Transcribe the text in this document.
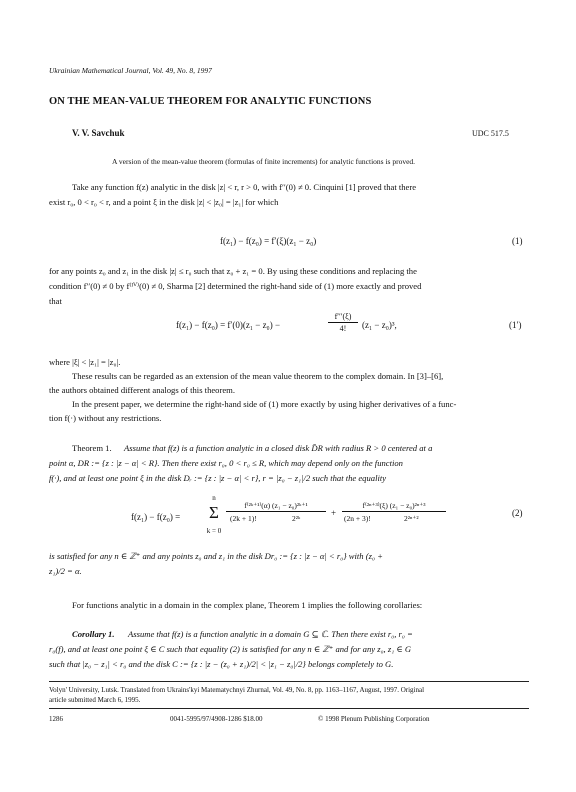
Ukrainian Mathematical Journal, Vol. 49, No. 8, 1997
ON THE MEAN-VALUE THEOREM FOR ANALYTIC FUNCTIONS
V. V. Savchuk	UDC 517.5
A version of the mean-value theorem (formulas of finite increments) for analytic functions is proved.
Take any function f(z) analytic in the disk |z| < r, r > 0, with f′′(0) ≠ 0. Cinquini [1] proved that there
exist r₀, 0 < r₀ < r, and a point ξ in the disk |z| < |z₀| = |z₁| for which
f(z₁) − f(z₀) = f′(ξ)(z₁ − z₀)	(1)
for any points z₀ and z₁ in the disk |z| ≤ r₀ such that z₀ + z₁ = 0. By using these conditions and replacing the
condition f′′(0) ≠ 0 by f⁽ᴵⱽ⁾(0) ≠ 0, Sharma [2] determined the right-hand side of (1) more exactly and proved
that
f(z₁) − f(z₀) = f′(0)(z₁ − z₀) −
f′′′(ξ)
4!	(z₁ − z₀)³,	(1′)
where |ξ| < |z₁| = |z₀|.
These results can be regarded as an extension of the mean value theorem to the complex domain. In [3]–[6],
the authors obtained different analogs of this theorem.
In the present paper, we determine the right-hand side of (1) more exactly by using higher derivatives of a func-
tion f(·) without any restrictions.
Theorem 1. Assume that f(z) is a function analytic in a closed disk D̄R with radius R > 0 centered at a
point α, DR := {z : |z − α| < R}. Then there exist r₀, 0 < r₀ ≤ R, which may depend only on the function
f(·), and at least one point ξ in the disk Dᵣ := {z : |z − α| < r}, r = |z₀ − z₁|/2 such that the equality
f(z₁) − f(z₀) =
n
Σ
k = 0
f⁽²ᵏ⁺¹⁾(α) (z₁ − z₀)²ᵏ⁺¹
(2k + 1)!	2²ᵏ
+
f⁽²ⁿ⁺³⁾(ξ) (z₁ − z₀)²ⁿ⁺³
(2n + 3)!	2²ⁿ⁺²
(2)
is satisfied for any n ∈ ℤ⁺ and any points z₀ and z₁ in the disk Dr₀ := {z : |z − α| < r₀} with (z₀ +
z₁)/2 = α.
For functions analytic in a domain in the complex plane, Theorem 1 implies the following corollaries:
Corollary 1. Assume that f(z) is a function analytic in a domain G ⊆ ℂ. Then there exist r₀, r₀ =
r₀(f), and at least one point ξ ∈ C such that equality (2) is satisfied for any n ∈ ℤ⁺ and for any z₀, z₁ ∈ G
such that |z₀ − z₁| < r₀ and the disk C := {z : |z − (z₀ + z₁)/2| < |z₁ − z₀|/2} belongs completely to G.
Volyn' University, Lutsk. Translated from Ukrains'kyi Matematychnyi Zhurnal, Vol. 49, No. 8, pp. 1163–1167, August, 1997. Original
article submitted March 6, 1995.
1286	0041-5995/97/4908-1286 $18.00	© 1998 Plenum Publishing Corporation
